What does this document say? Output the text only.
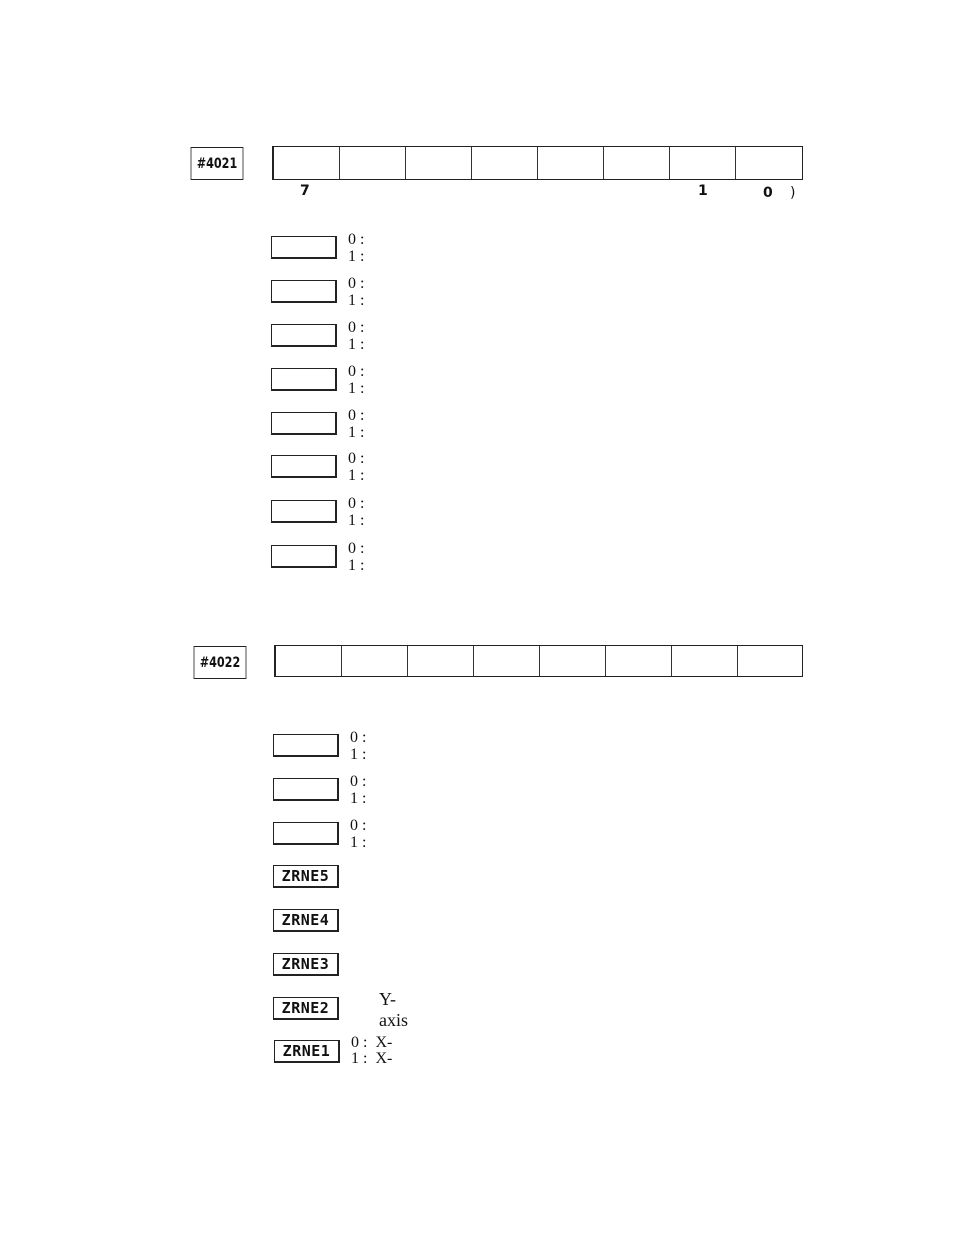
#4021
7	1	0 )
0 :
1 :
0 :
1 :
0 :
1 :
0 :
1 :
0 :
1 :
0 :
1 :
0 :
1 :
0 :
1 :
#4022
0 :
1 :
0 :
1 :
0 :
1 :
ZRNE5
ZRNE4
ZRNE3
ZRNE2	Y-axis
ZRNE1	0 :  X-
1 :  X-
